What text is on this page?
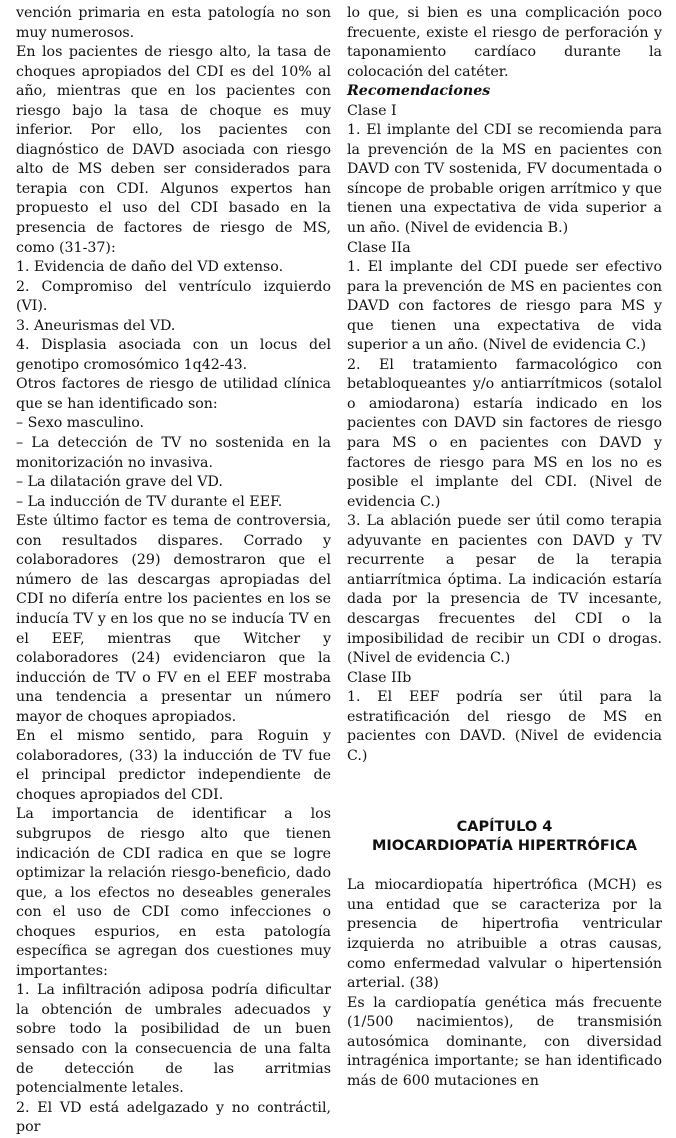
vención primaria en esta patología no son muy numerosos.

En los pacientes de riesgo alto, la tasa de choques apropiados del CDI es del 10% al año, mientras que en los pacientes con riesgo bajo la tasa de choque es muy inferior. Por ello, los pacientes con diagnóstico de DAVD asociada con riesgo alto de MS deben ser considerados para terapia con CDI. Algunos expertos han propuesto el uso del CDI basado en la presencia de factores de riesgo de MS, como (31-37):

1. Evidencia de daño del VD extenso.

2. Compromiso del ventrículo izquierdo (VI).

3. Aneurismas del VD.

4. Displasia asociada con un locus del genotipo cromosómico 1q42-43.

Otros factores de riesgo de utilidad clínica que se han identificado son:

– Sexo masculino.

– La detección de TV no sostenida en la monitorización no invasiva.

– La dilatación grave del VD.

– La inducción de TV durante el EEF.

Este último factor es tema de controversia, con resultados dispares. Corrado y colaboradores (29) demostraron que el número de las descargas apropiadas del CDI no difería entre los pacientes en los se inducía TV y en los que no se inducía TV en el EEF, mientras que Witcher y colaboradores (24) evidenciaron que la inducción de TV o FV en el EEF mostraba una tendencia a presentar un número mayor de choques apropiados.

En el mismo sentido, para Roguin y colaboradores, (33) la inducción de TV fue el principal predictor independiente de choques apropiados del CDI.

La importancia de identificar a los subgrupos de riesgo alto que tienen indicación de CDI radica en que se logre optimizar la relación riesgo-beneficio, dado que, a los efectos no deseables generales con el uso de CDI como infecciones o choques espurios, en esta patología específica se agregan dos cuestiones muy importantes:

1. La infiltración adiposa podría dificultar la obtención de umbrales adecuados y sobre todo la posibilidad de un buen sensado con la consecuencia de una falta de detección de las arritmias potencialmente letales.

2. El VD está adelgazado y no contráctil, por

lo que, si bien es una complicación poco frecuente, existe el riesgo de perforación y taponamiento cardíaco durante la colocación del catéter.

Recomendaciones

Clase I

1. El implante del CDI se recomienda para la prevención de la MS en pacientes con DAVD con TV sostenida, FV documentada o síncope de probable origen arrítmico y que tienen una expectativa de vida superior a un año. (Nivel de evidencia B.)

Clase IIa

1. El implante del CDI puede ser efectivo para la prevención de MS en pacientes con DAVD con factores de riesgo para MS y que tienen una expectativa de vida superior a un año. (Nivel de evidencia C.)

2. El tratamiento farmacológico con betabloqueantes y/o antiarrítmicos (sotalol o amiodarona) estaría indicado en los pacientes con DAVD sin factores de riesgo para MS o en pacientes con DAVD y factores de riesgo para MS en los no es posible el implante del CDI. (Nivel de evidencia C.)

3. La ablación puede ser útil como terapia adyuvante en pacientes con DAVD y TV recurrente a pesar de la terapia antiarrítmica óptima. La indicación estaría dada por la presencia de TV incesante, descargas frecuentes del CDI o la imposibilidad de recibir un CDI o drogas. (Nivel de evidencia C.)

Clase IIb

1. El EEF podría ser útil para la estratificación del riesgo de MS en pacientes con DAVD. (Nivel de evidencia C.)

CAPÍTULO 4
MIOCARDIOPATÍA HIPERTRÓFICA

La miocardiopatía hipertrófica (MCH) es una entidad que se caracteriza por la presencia de hipertrofia ventricular izquierda no atribuible a otras causas, como enfermedad valvular o hipertensión arterial. (38)

Es la cardiopatía genética más frecuente (1/500 nacimientos), de transmisión autosómica dominante, con diversidad intragénica importante; se han identificado más de 600 mutaciones en
